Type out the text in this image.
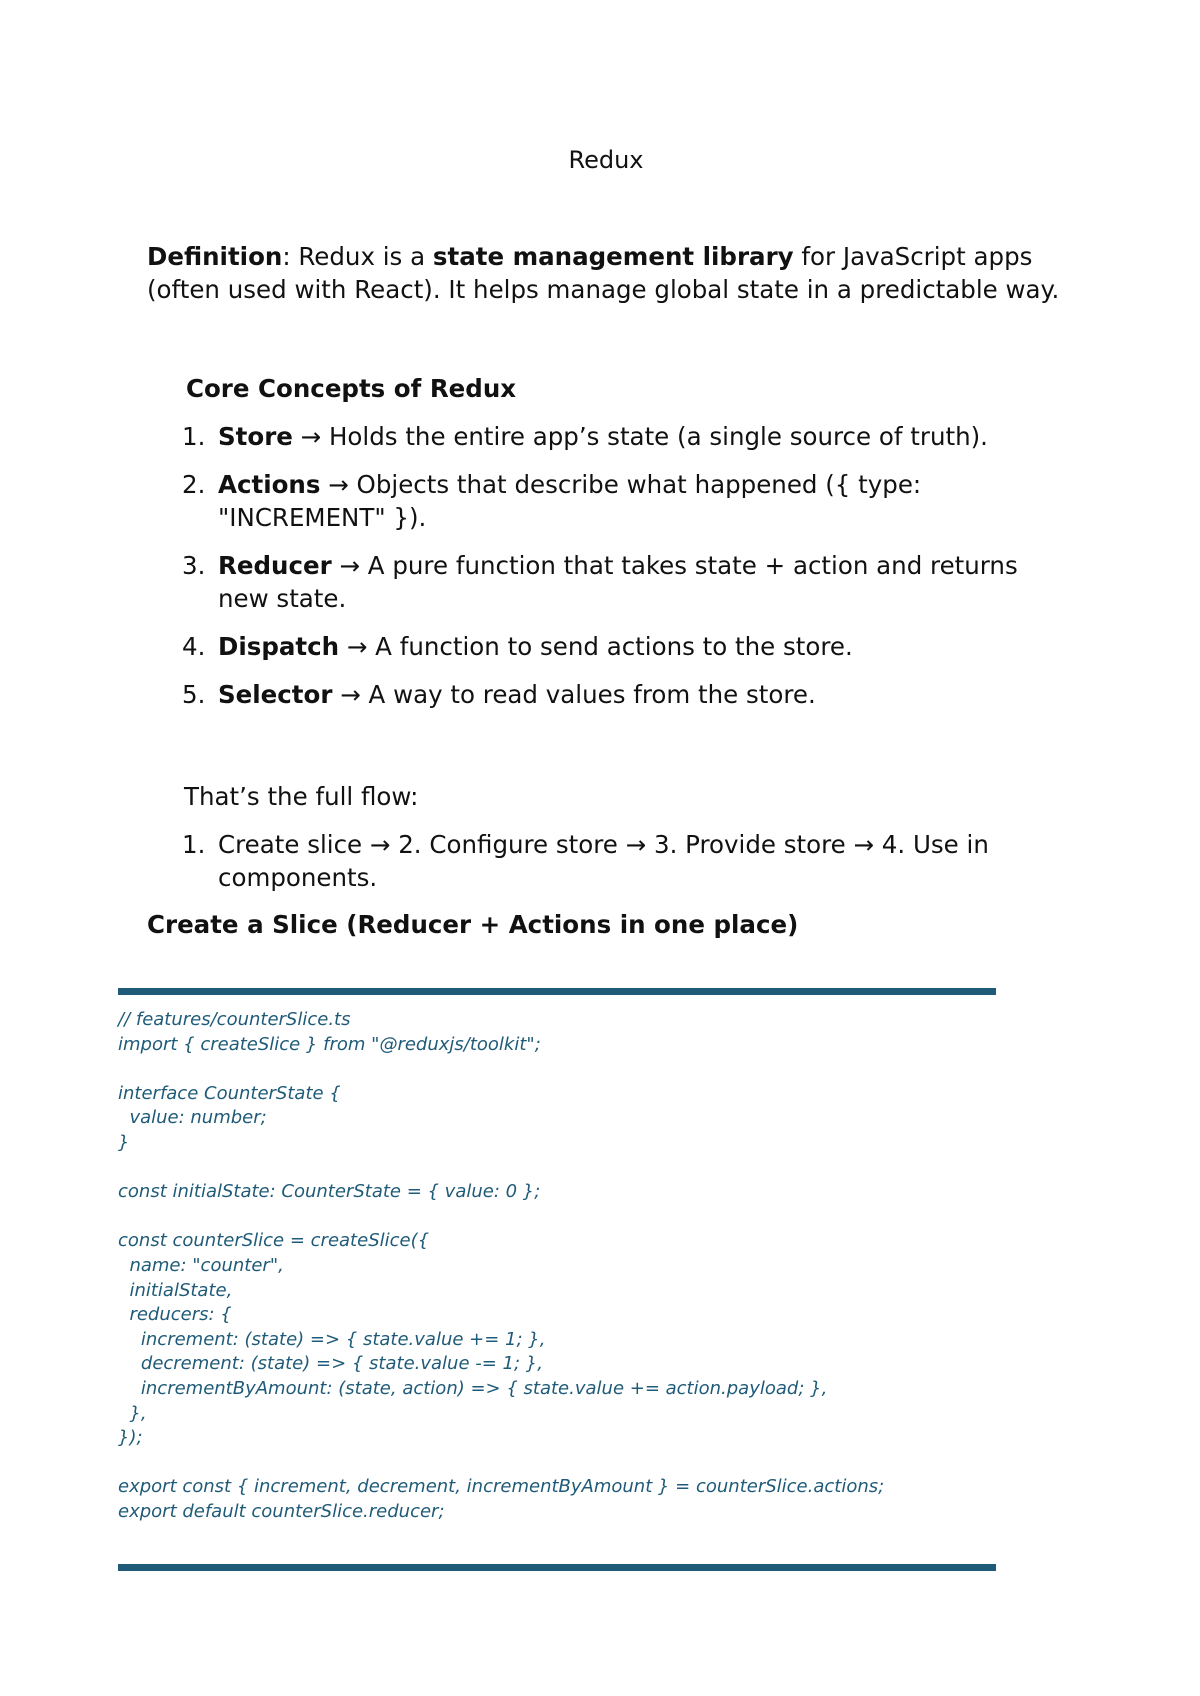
Redux

Definition: Redux is a state management library for JavaScript apps (often used with React). It helps manage global state in a predictable way.

Core Concepts of Redux
1. Store → Holds the entire app’s state (a single source of truth).
2. Actions → Objects that describe what happened ({ type: "INCREMENT" }).
3. Reducer → A pure function that takes state + action and returns new state.
4. Dispatch → A function to send actions to the store.
5. Selector → A way to read values from the store.
That’s the full flow:
1. Create slice → 2. Configure store → 3. Provide store → 4. Use in components.
Create a Slice (Reducer + Actions in one place)
// features/counterSlice.ts
import { createSlice } from "@reduxjs/toolkit";

interface CounterState {
value: number;
}

const initialState: CounterState = { value: 0 };

const counterSlice = createSlice({
name: "counter",
initialState,
reducers: {
increment: (state) => { state.value += 1; },
decrement: (state) => { state.value -= 1; },
incrementByAmount: (state, action) => { state.value += action.payload; },
},
});

export const { increment, decrement, incrementByAmount } = counterSlice.actions;
export default counterSlice.reducer;
